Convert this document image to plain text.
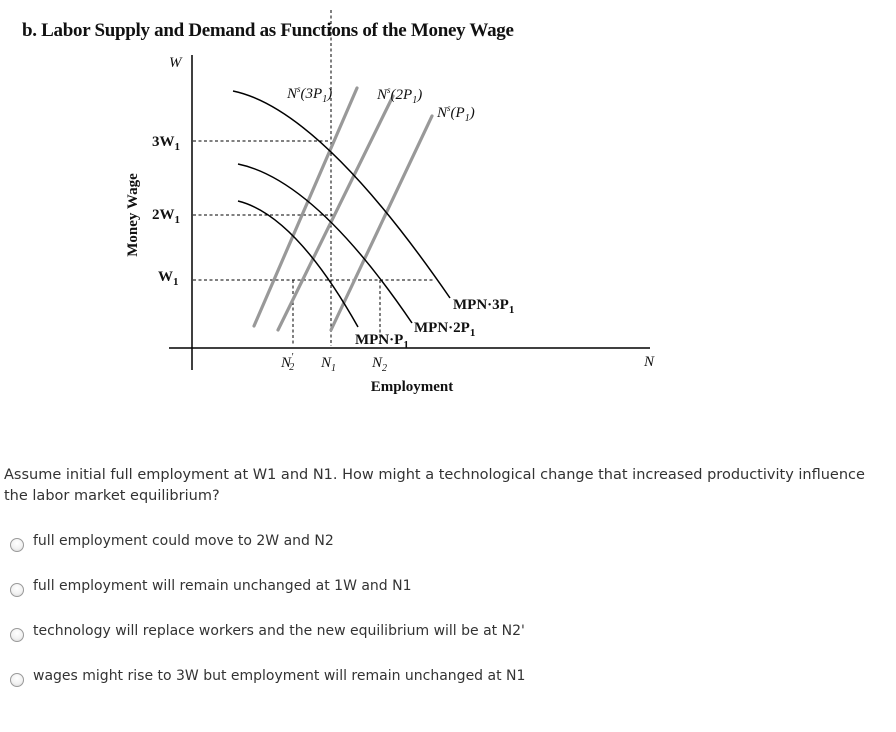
b. Labor Supply and Demand as Functions of the Money Wage
W
N
Money Wage
Employment
$3W_1$
$2W_1$
$W_1$
N′ 2 $N_1$ $N_2$
$N^s(3P_1)$	$N^s(2P_1)$
$N^s(P_1)$
$MPN\cdot 3P_1$
$MPN\cdot 2P_1$
$MPN\cdot P_1$
Assume initial full employment at W1 and N1. How might a technological change that increased productivity influence the labor market equilibrium?
full employment could move to 2W and N2
full employment will remain unchanged at 1W and N1
technology will replace workers and the new equilibrium will be at N2'
wages might rise to 3W but employment will remain unchanged at N1
